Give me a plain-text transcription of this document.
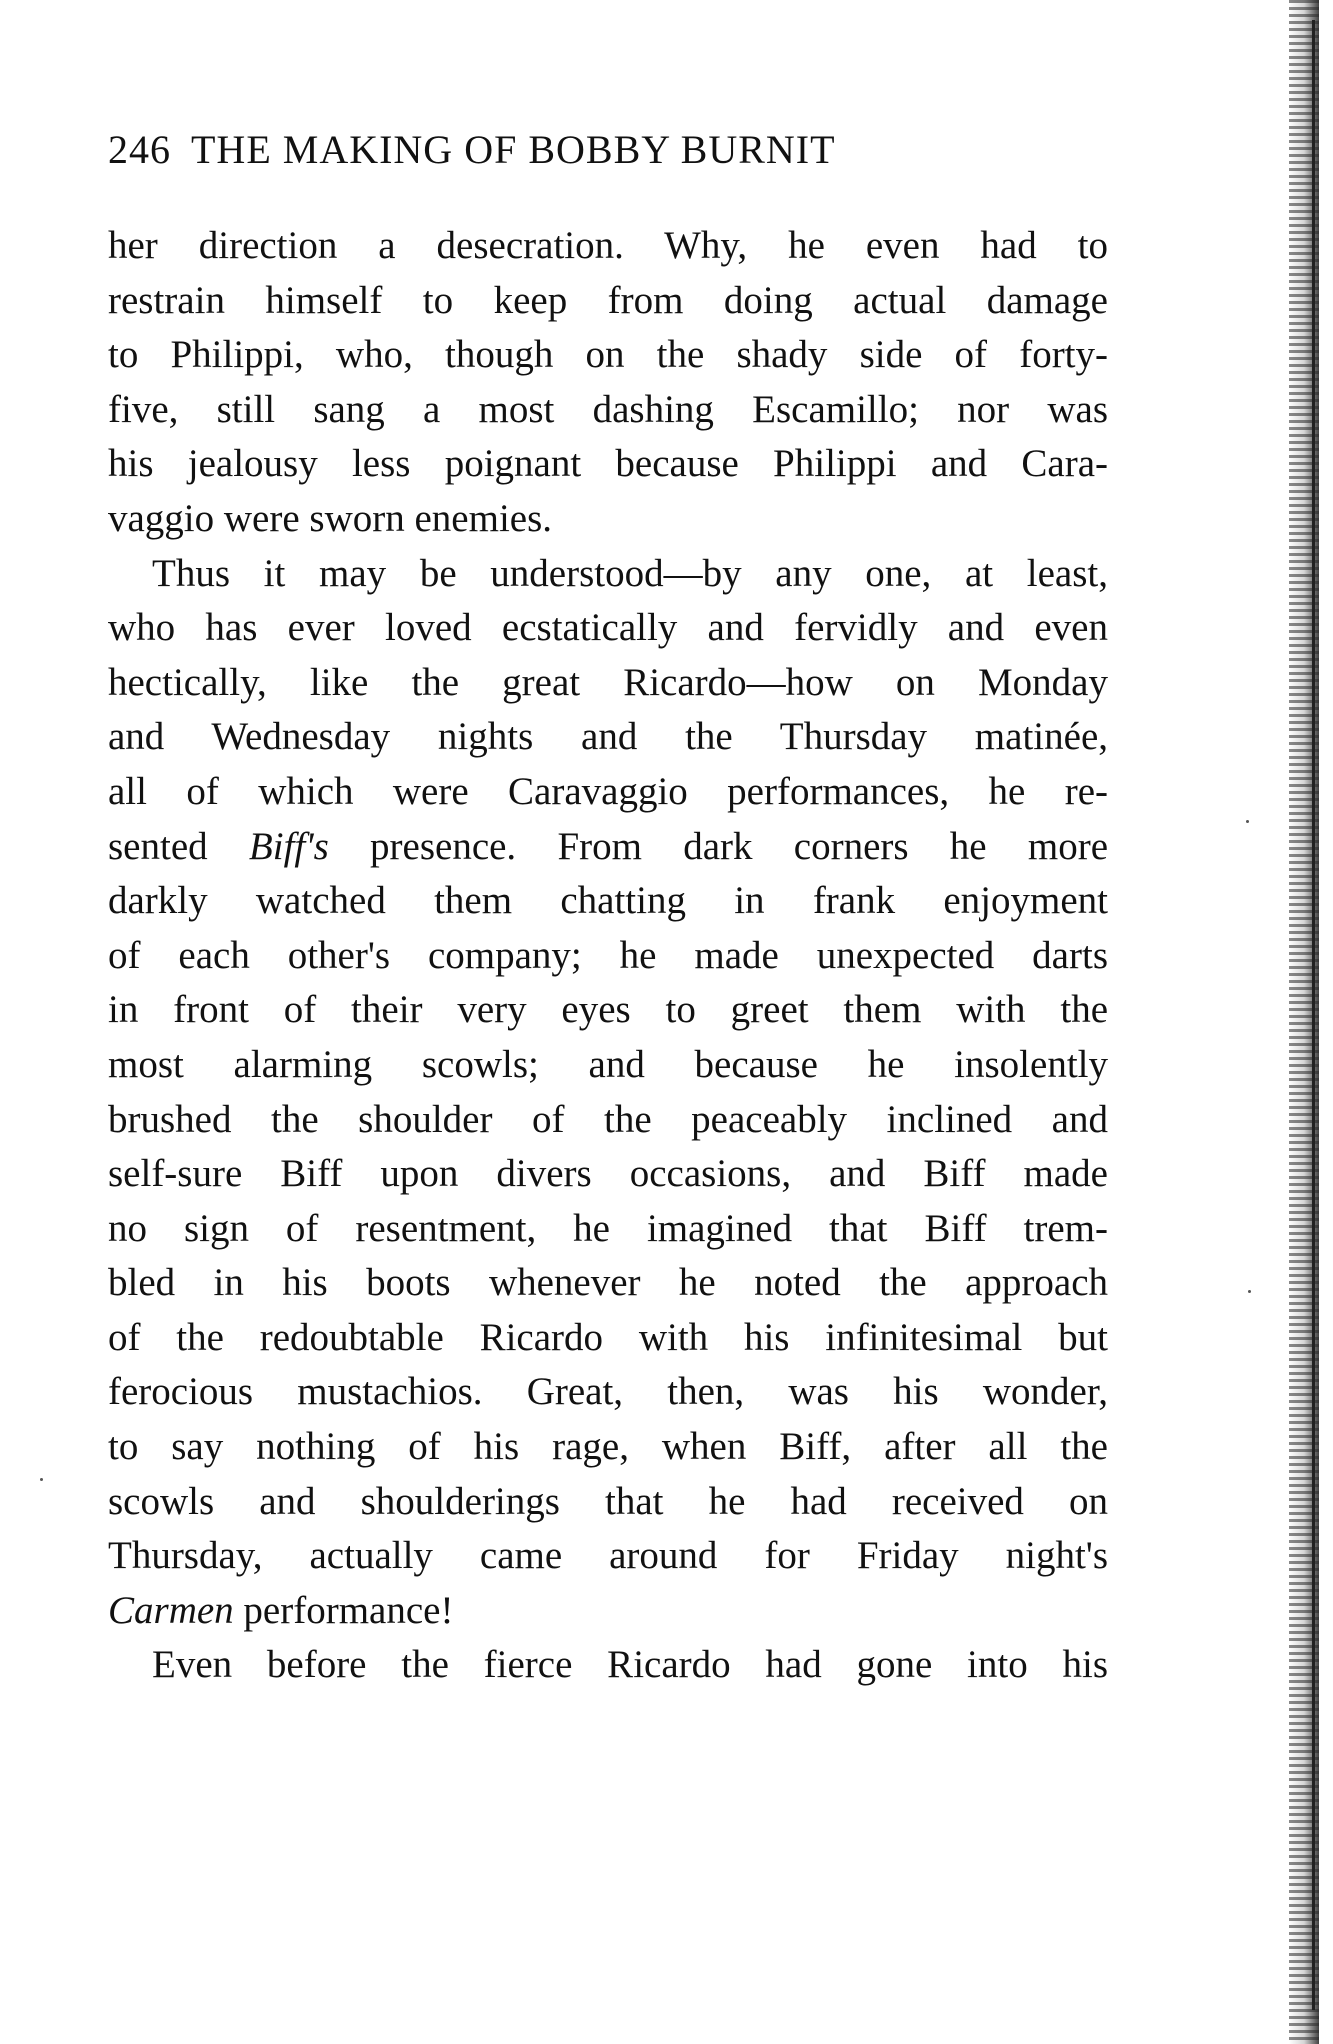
246 THE MAKING OF BOBBY BURNIT
her direction a desecration. Why, he even had to
restrain himself to keep from doing actual damage
to Philippi, who, though on the shady side of forty-
five, still sang a most dashing Escamillo; nor was
his jealousy less poignant because Philippi and Cara-
vaggio were sworn enemies.
Thus it may be understood—by any one, at least,
who has ever loved ecstatically and fervidly and even
hectically, like the great Ricardo—how on Monday
and Wednesday nights and the Thursday matinée,
all of which were Caravaggio performances, he re-
sented Biff's presence. From dark corners he more
darkly watched them chatting in frank enjoyment
of each other's company; he made unexpected darts
in front of their very eyes to greet them with the
most alarming scowls; and because he insolently
brushed the shoulder of the peaceably inclined and
self-sure Biff upon divers occasions, and Biff made
no sign of resentment, he imagined that Biff trem-
bled in his boots whenever he noted the approach
of the redoubtable Ricardo with his infinitesimal but
ferocious mustachios. Great, then, was his wonder,
to say nothing of his rage, when Biff, after all the
scowls and shoulderings that he had received on
Thursday, actually came around for Friday night's
Carmen performance!
Even before the fierce Ricardo had gone into his
